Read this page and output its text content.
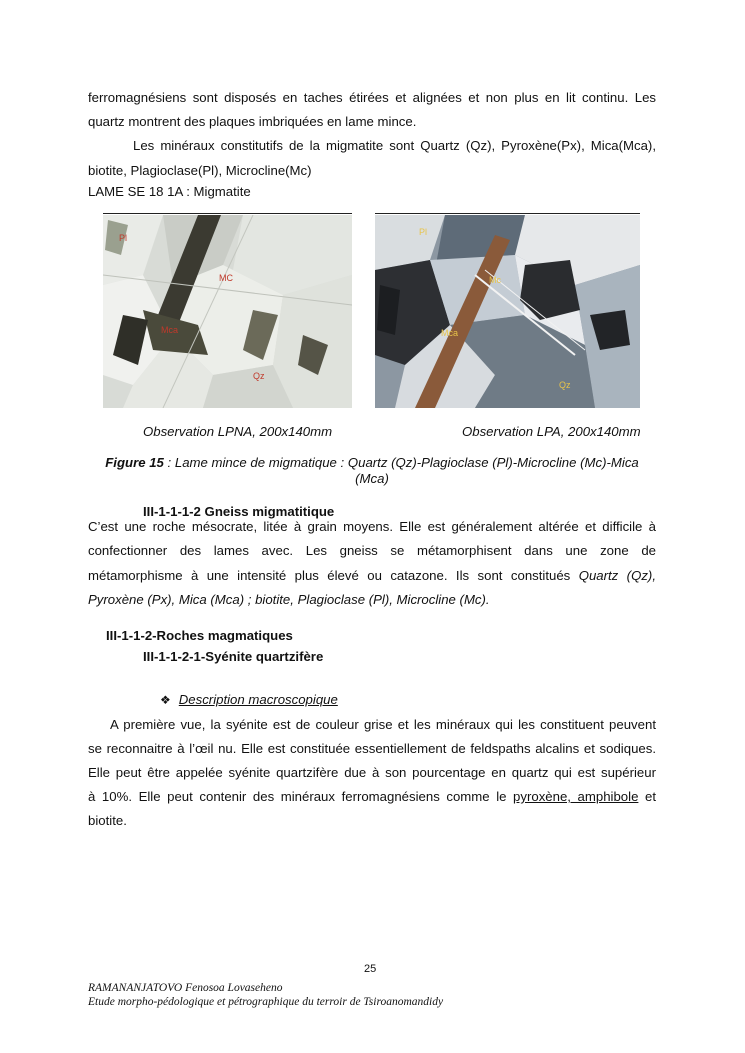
ferromagnésiens sont disposés en taches étirées et alignées et non plus en lit continu. Les
quartz montrent des plaques imbriquées en lame mince.
Les minéraux constitutifs de la migmatite sont Quartz (Qz), Pyroxène(Px), Mica(Mca),
biotite, Plagioclase(Pl), Microcline(Mc)
LAME SE 18 1A : Migmatite
Pl
MC
Mca
Qz
Pl
Mc
Mca
Qz
Observation LPNA, 200x140mm	Observation LPA, 200x140mm
Figure 15 : Lame mince de migmatique : Quartz (Qz)-Plagioclase (Pl)-Microcline (Mc)-Mica
(Mca)
III-1-1-1-2 Gneiss migmatitique
C’est une roche mésocrate, litée à grain moyens. Elle est généralement altérée et difficile à
confectionner des lames avec. Les gneiss se métamorphisent dans une zone de
métamorphisme à une intensité plus élevé ou catazone. Ils sont constitués Quartz (Qz),
Pyroxène (Px), Mica (Mca) ; biotite, Plagioclase (Pl), Microcline (Mc).
III-1-1-2-Roches magmatiques
III-1-1-2-1-Syénite quartzifère
❖ Description macroscopique
A première vue, la syénite est de couleur grise et les minéraux qui les constituent peuvent
se reconnaitre à l’œil nu. Elle est constituée essentiellement de feldspaths alcalins et sodiques.
Elle peut être appelée syénite quartzifère due à son pourcentage en quartz qui est supérieur
à 10%. Elle peut contenir des minéraux ferromagnésiens comme le pyroxène, amphibole et
biotite.
25
RAMANANJATOVO Fenosoa Lovaseheno
Etude morpho-pédologique et pétrographique du terroir de Tsiroanomandidy
